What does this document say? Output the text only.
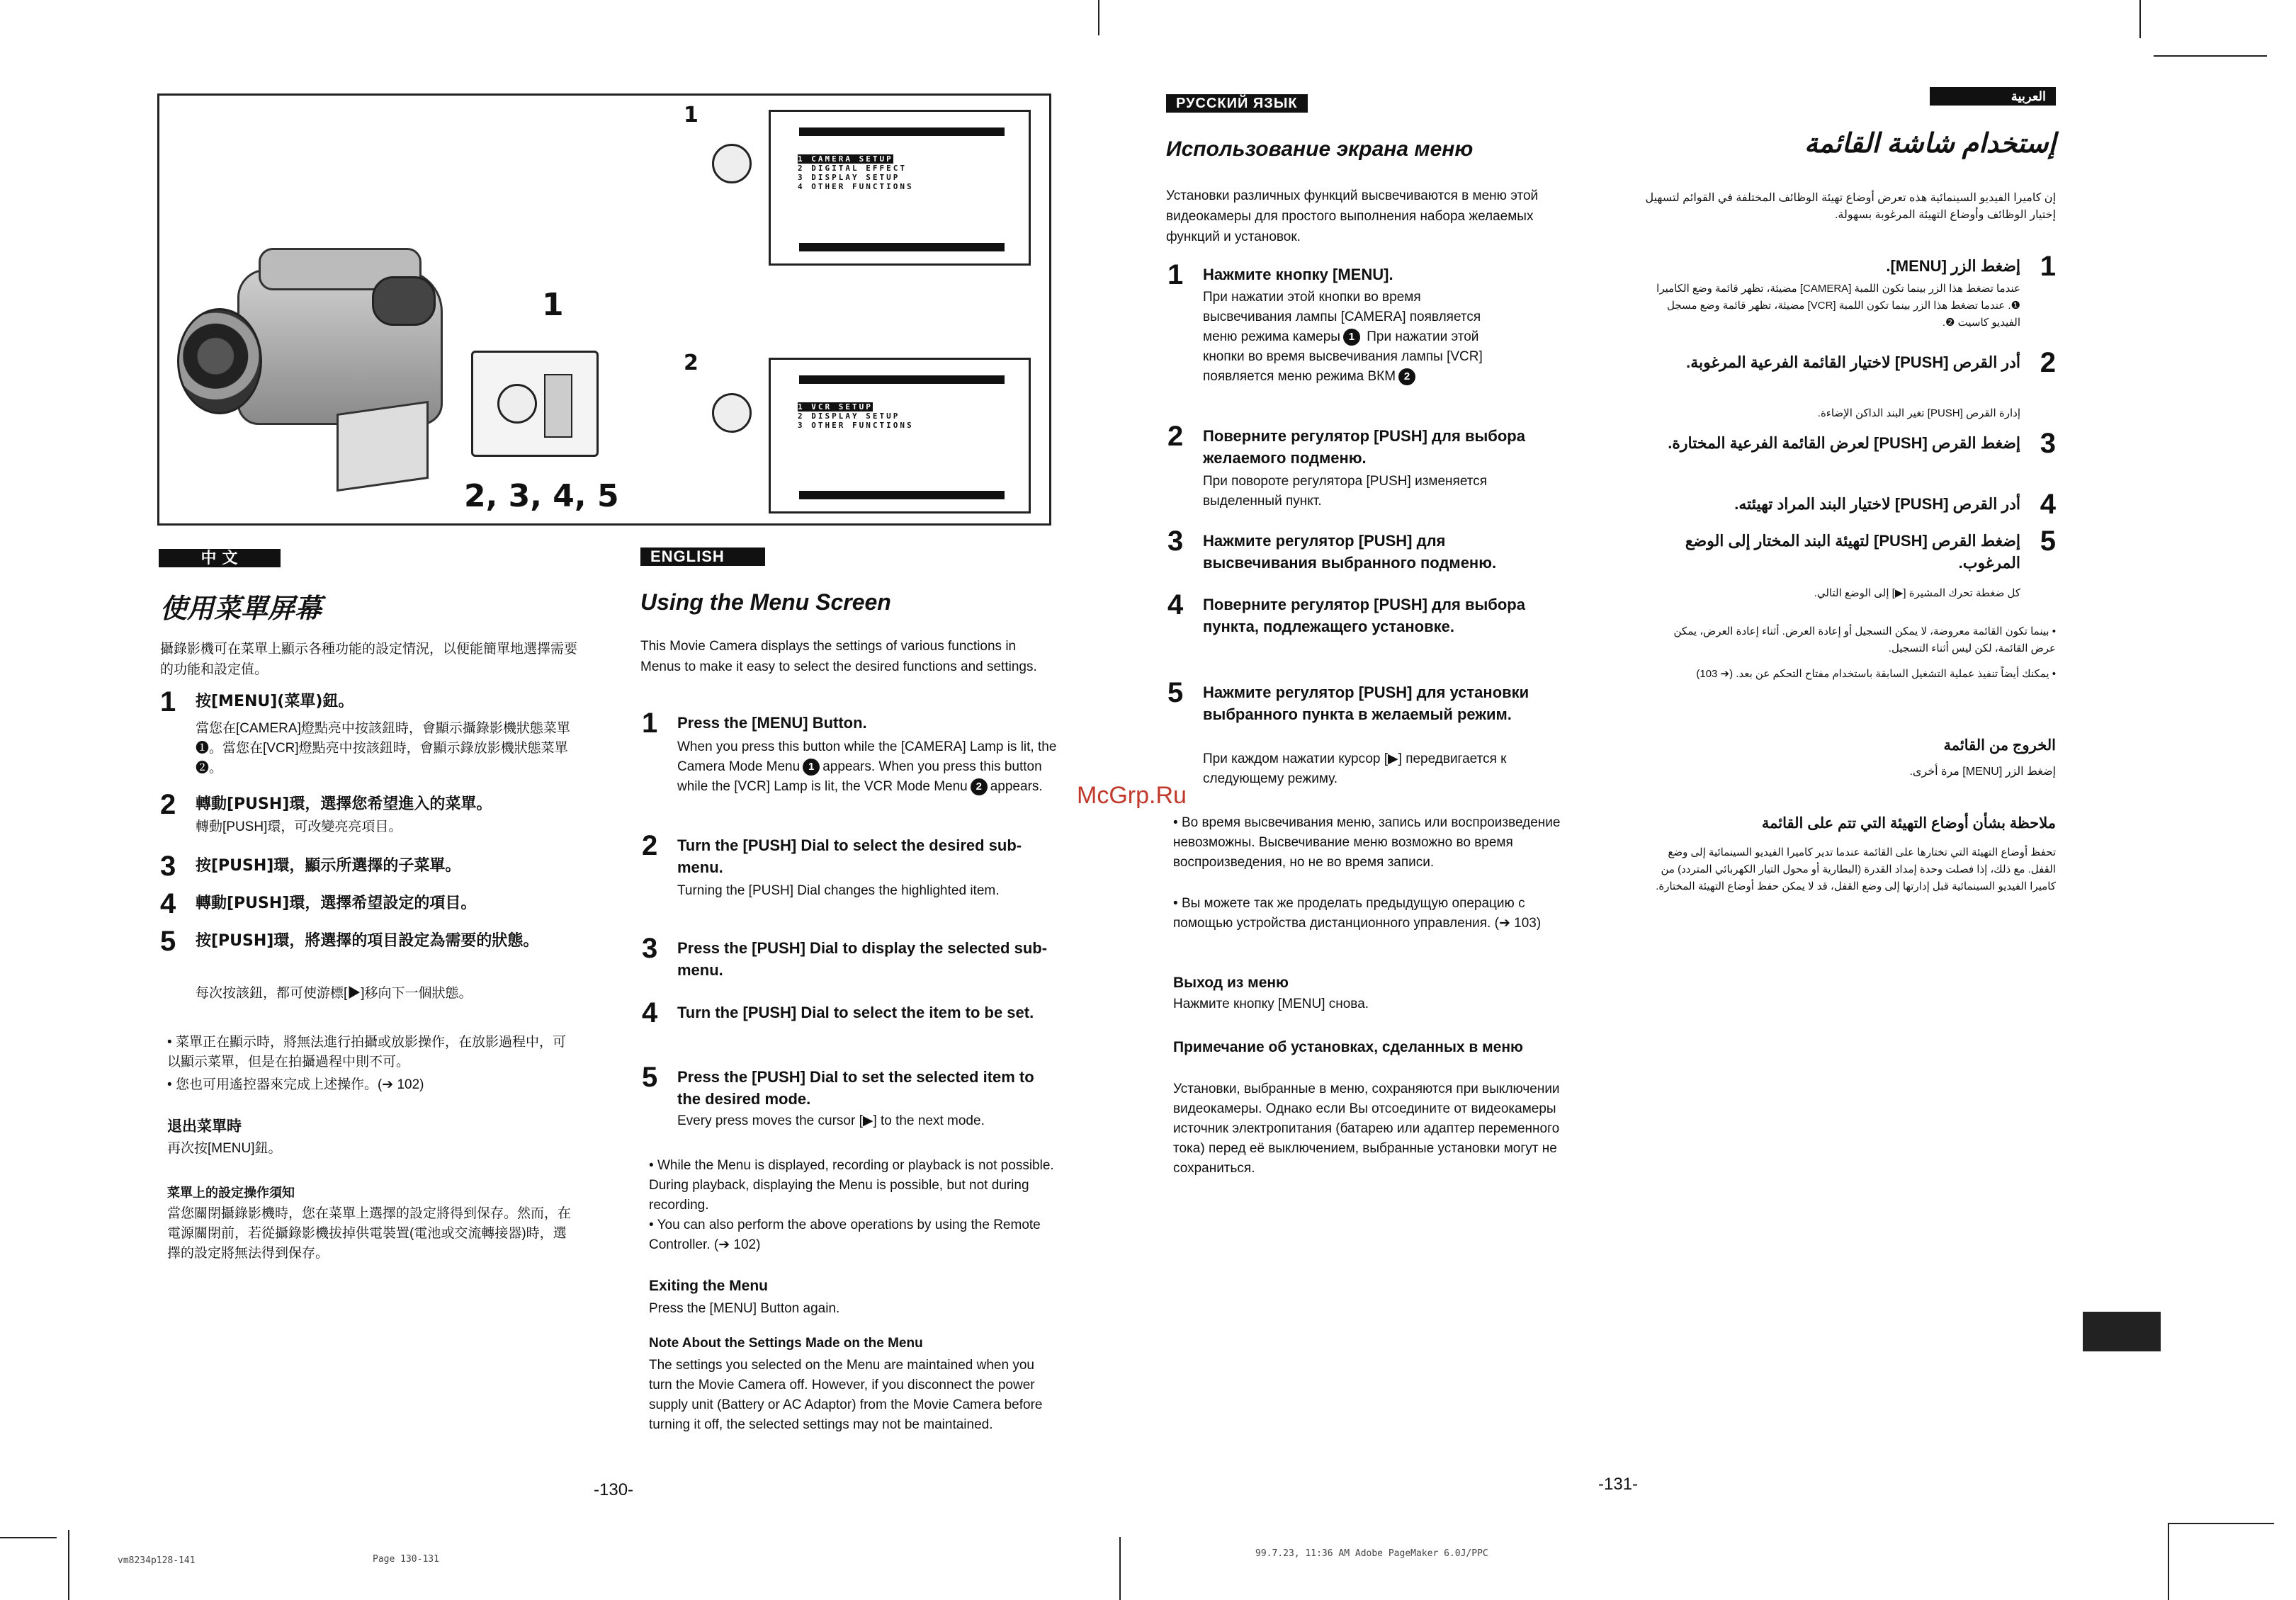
1
2, 3, 4, 5
1
1 CAMERA SETUP
2 DIGITAL EFFECT
3 DISPLAY SETUP
4 OTHER FUNCTIONS
2
1 VCR SETUP
2 DISPLAY SETUP
3 OTHER FUNCTIONS
中 文
使用菜單屏幕
攝錄影機可在菜單上顯示各種功能的設定情況，以便能簡單地選擇需要的功能和設定值。
1 按[MENU](菜單)鈕。
當您在[CAMERA]燈點亮中按該鈕時，會顯示攝錄影機狀態菜單❶。當您在[VCR]燈點亮中按該鈕時，會顯示錄放影機狀態菜單❷。
2 轉動[PUSH]環，選擇您希望進入的菜單。
轉動[PUSH]環，可改變亮亮項目。
3 按[PUSH]環，顯示所選擇的子菜單。
4 轉動[PUSH]環，選擇希望設定的項目。
5 按[PUSH]環，將選擇的項目設定為需要的狀態。
每次按該鈕，都可使游標[▶]移向下一個狀態。
• 菜單正在顯示時，將無法進行拍攝或放影操作，在放影過程中，可以顯示菜單，但是在拍攝過程中則不可。
• 您也可用遙控器來完成上述操作。(➔ 102)
退出菜單時
再次按[MENU]鈕。
菜單上的設定操作須知
當您關閉攝錄影機時，您在菜單上選擇的設定將得到保存。然而，在電源關閉前，若從攝錄影機拔掉供電裝置(電池或交流轉接器)時，選擇的設定將無法得到保存。
ENGLISH
Using the Menu Screen
This Movie Camera displays the settings of various functions in Menus to make it easy to select the desired functions and settings.
1 Press the [MENU] Button.
When you press this button while the [CAMERA] Lamp is lit, the Camera Mode Menu 1 appears. When you press this button while the [VCR] Lamp is lit, the VCR Mode Menu 2 appears.
2 Turn the [PUSH] Dial to select the desired sub-menu.
Turning the [PUSH] Dial changes the highlighted item.
3 Press the [PUSH] Dial to display the selected sub-menu.
4 Turn the [PUSH] Dial to select the item to be set.
5 Press the [PUSH] Dial to set the selected item to the desired mode.
Every press moves the cursor [▶] to the next mode.
• While the Menu is displayed, recording or playback is not possible. During playback, displaying the Menu is possible, but not during recording.
• You can also perform the above operations by using the Remote Controller. (➔ 102)
Exiting the Menu
Press the [MENU] Button again.
Note About the Settings Made on the Menu
The settings you selected on the Menu are maintained when you turn the Movie Camera off. However, if you disconnect the power supply unit (Battery or AC Adaptor) from the Movie Camera before turning it off, the selected settings may not be maintained.
РУССКИЙ ЯЗЫК
Использование экрана меню
Установки различных функций высвечиваются в меню этой видеокамеры для простого выполнения набора желаемых функций и установок.
1 Нажмите кнопку [MENU].
При нажатии этой кнопки во время высвечивания лампы [CAMERA] появляется меню режима камеры 1 При нажатии этой кнопки во время высвечивания лампы [VCR] появляется меню режима ВКМ 2
2 Поверните регулятор [PUSH] для выбора желаемого подменю.
При повороте регулятора [PUSH] изменяется выделенный пункт.
3 Нажмите регулятор [PUSH] для высвечивания выбранного подменю.
4 Поверните регулятор [PUSH] для выбора пункта, подлежащего установке.
5 Нажмите регулятор [PUSH] для установки выбранного пункта в желаемый режим.
При каждом нажатии курсор [▶] передвигается к следующему режиму.
• Во время высвечивания меню, запись или воспроизведение невозможны. Высвечивание меню возможно во время воспроизведения, но не во время записи.
• Вы можете так же проделать предыдущую операцию с помощью устройства дистанционного управления. (➔ 103)
Выход из меню
Нажмите кнопку [MENU] снова.
Примечание об установках, сделанных в меню
Установки, выбранные в меню, сохраняются при выключении видеокамеры. Однако если Вы отсоедините от видеокамеры источник электропитания (батарею или адаптер переменного тока) перед её выключением, выбранные установки могут не сохраниться.
العربية
إستخدام شاشة القائمة
إن كاميرا الفيديو السينمائية هذه تعرض أوضاع تهيئة الوظائف المختلفة في القوائم لتسهيل إختيار الوظائف وأوضاع التهيئة المرغوبة بسهولة.
1
إضغط الزر [MENU].
عندما تضغط هذا الزر بينما تكون اللمبة [CAMERA] مضيئة، تظهر قائمة وضع الكاميرا ❶. عندما تضغط هذا الزر بينما تكون اللمبة [VCR] مضيئة، تظهر قائمة وضع مسجل الفيديو كاسيت ❷.
2
أدر القرص [PUSH] لاختيار القائمة الفرعية المرغوبة.
إدارة القرص [PUSH] تغير البند الداكن الإضاءة.
3
إضغط القرص [PUSH] لعرض القائمة الفرعية المختارة.
4
أدر القرص [PUSH] لاختيار البند المراد تهيئته.
5
إضغط القرص [PUSH] لتهيئة البند المختار إلى الوضع المرغوب.
كل ضغطة تحرك المشيرة [▶] إلى الوضع التالي.
• بينما تكون القائمة معروضة، لا يمكن التسجيل أو إعادة العرض. أثناء إعادة العرض، يمكن عرض القائمة، لكن ليس أثناء التسجيل.
• يمكنك أيضاً تنفيذ عملية التشغيل السابقة باستخدام مفتاح التحكم عن بعد. (➔ 103)
الخروج من القائمة
إضغط الزر [MENU] مرة أخرى.
ملاحظة بشأن أوضاع التهيئة التي تتم على القائمة
تحفظ أوضاع التهيئة التي تختارها على القائمة عندما تدير كاميرا الفيديو السينمائية إلى وضع القفل. مع ذلك، إذا فصلت وحدة إمداد القدرة (البطارية أو محول التيار الكهربائي المتردد) من كاميرا الفيديو السينمائية قبل إدارتها إلى وضع القفل، قد لا يمكن حفظ أوضاع التهيئة المختارة.
McGrp.Ru
-130-	-131-
vm8234p128-141	Page 130-131
99.7.23, 11:36 AM Adobe PageMaker 6.0J/PPC
